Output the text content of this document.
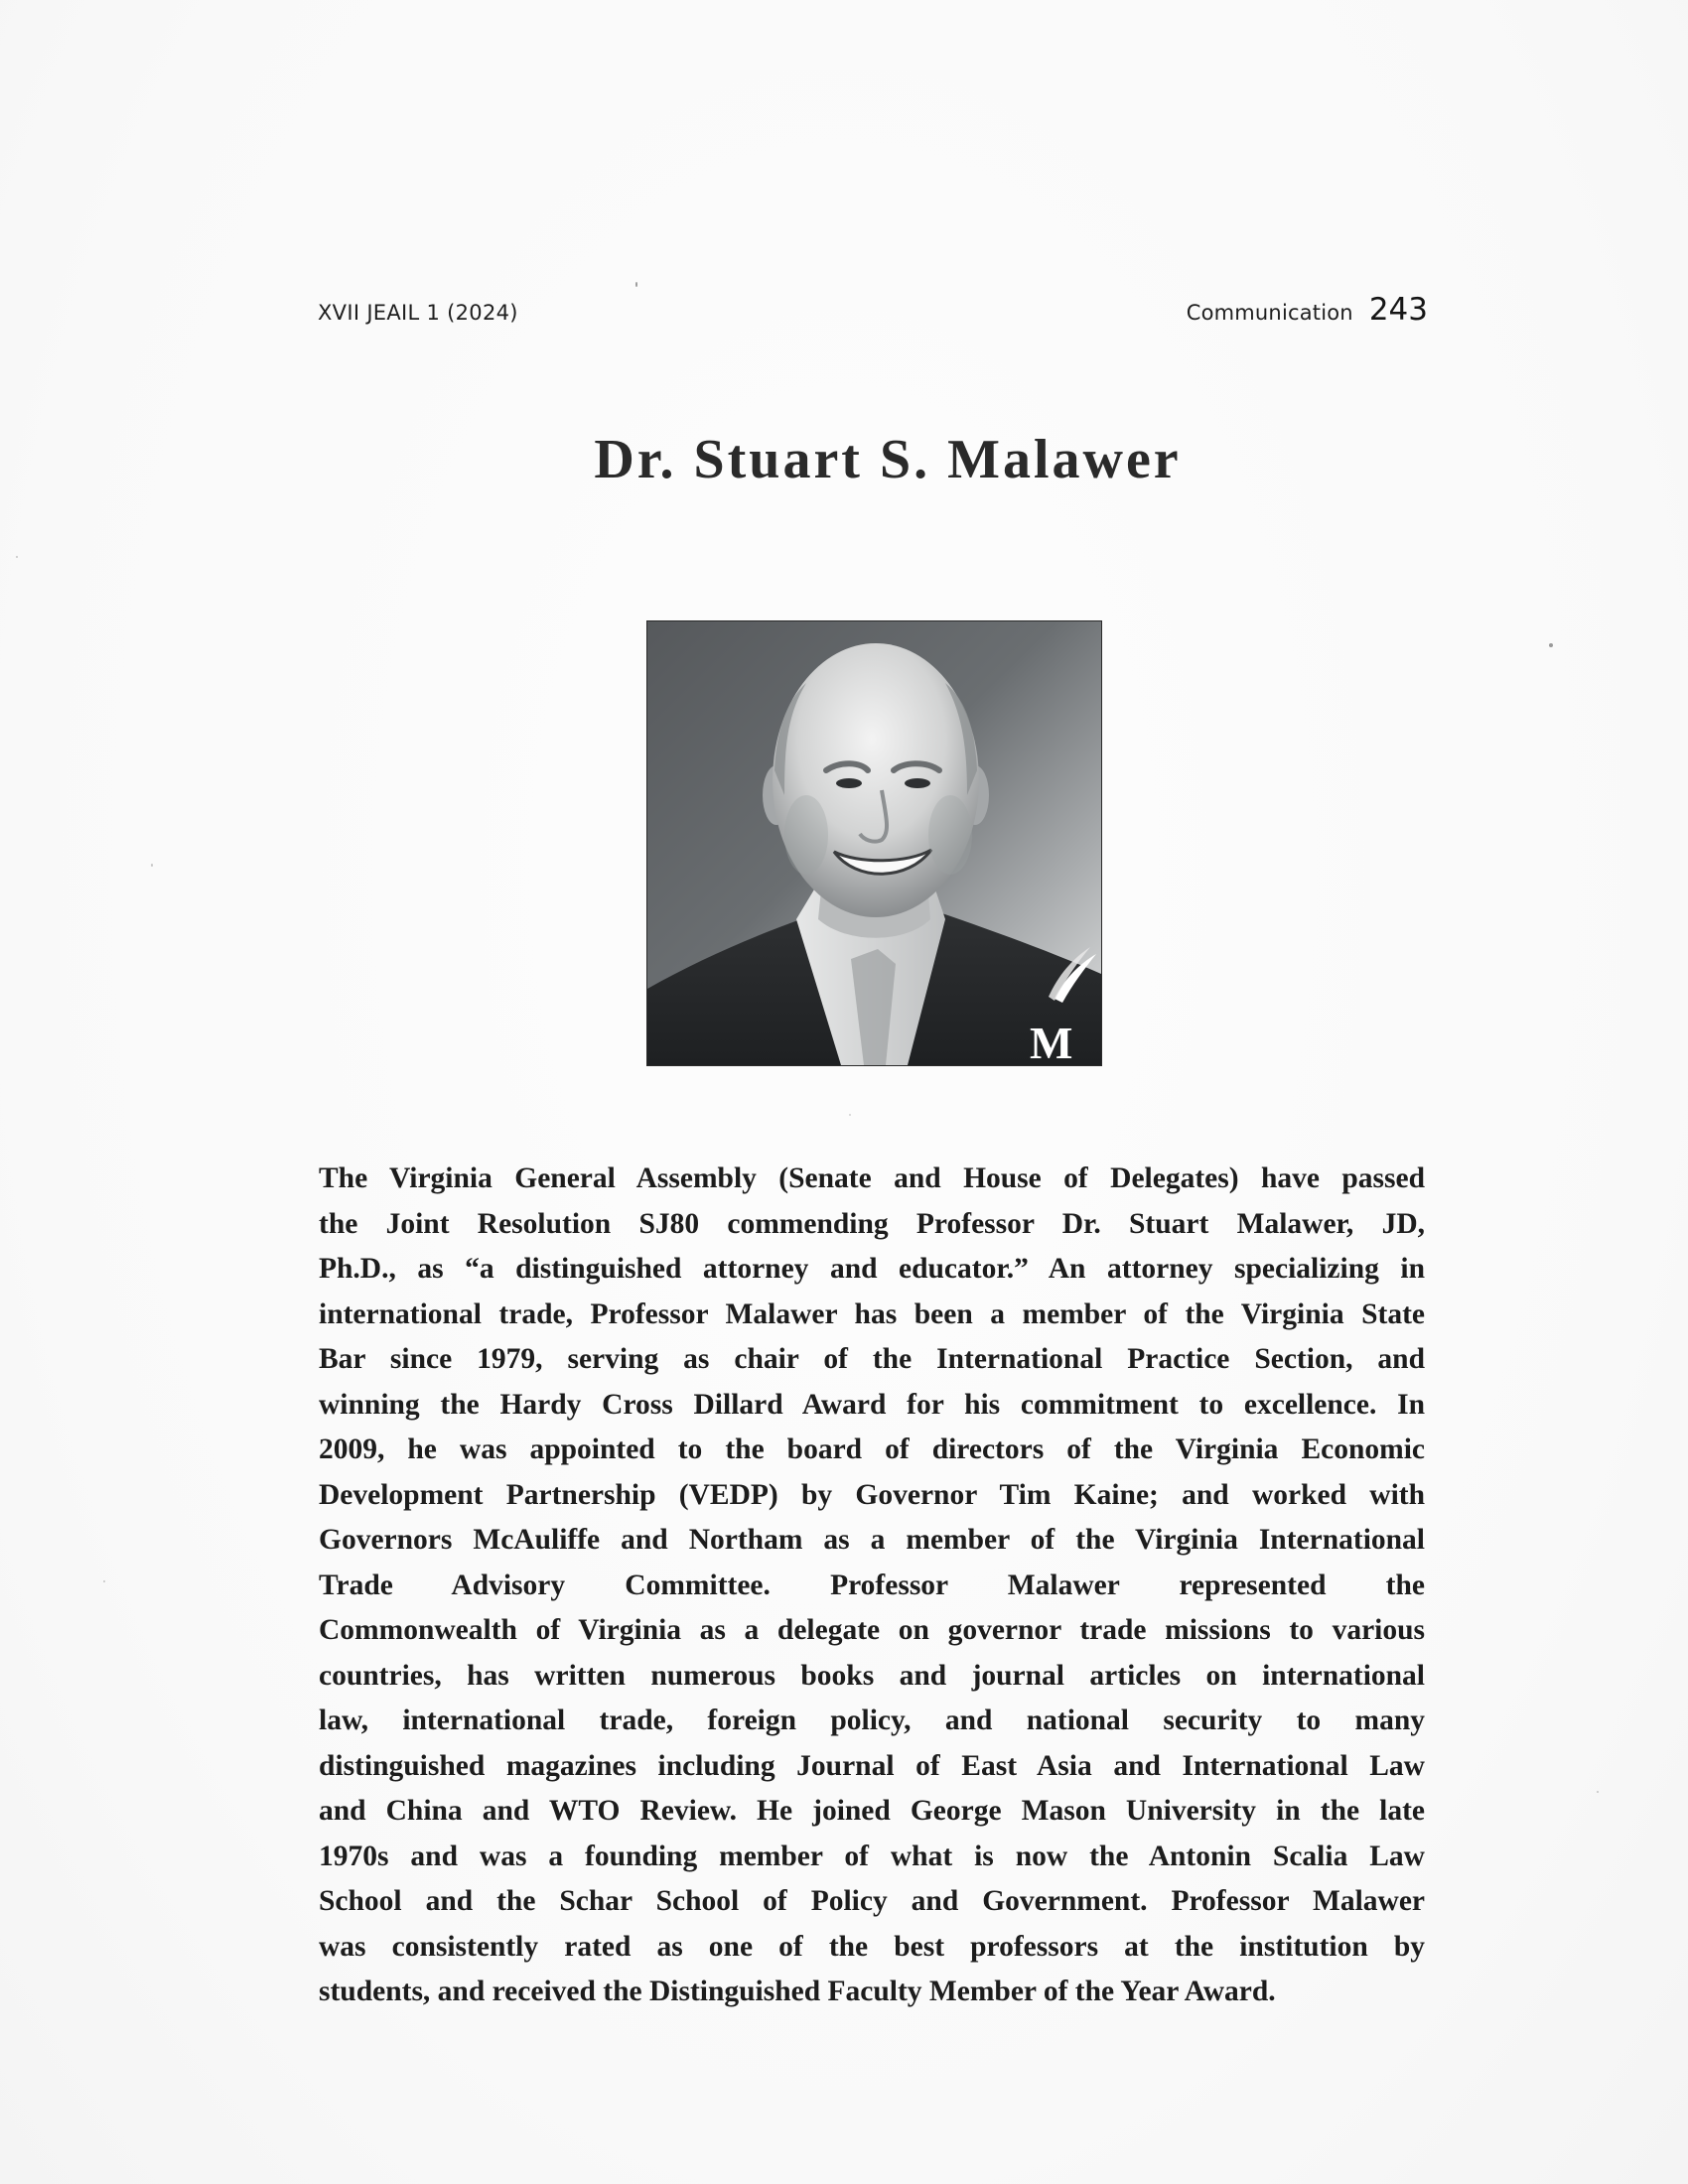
XVII JEAIL 1 (2024)	Communication 243
Dr. Stuart S. Malawer
M
The Virginia General Assembly (Senate and House of Delegates) have passed
the Joint Resolution SJ80 commending Professor Dr. Stuart Malawer, JD,
Ph.D., as “a distinguished attorney and educator.” An attorney specializing in
international trade, Professor Malawer has been a member of the Virginia State
Bar since 1979, serving as chair of the International Practice Section, and
winning the Hardy Cross Dillard Award for his commitment to excellence. In
2009, he was appointed to the board of directors of the Virginia Economic
Development Partnership (VEDP) by Governor Tim Kaine; and worked with
Governors McAuliffe and Northam as a member of the Virginia International
Trade Advisory Committee. Professor Malawer represented the
Commonwealth of Virginia as a delegate on governor trade missions to various
countries, has written numerous books and journal articles on international
law, international trade, foreign policy, and national security to many
distinguished magazines including Journal of East Asia and International Law
and China and WTO Review. He joined George Mason University in the late
1970s and was a founding member of what is now the Antonin Scalia Law
School and the Schar School of Policy and Government. Professor Malawer
was consistently rated as one of the best professors at the institution by
students, and received the Distinguished Faculty Member of the Year Award.
